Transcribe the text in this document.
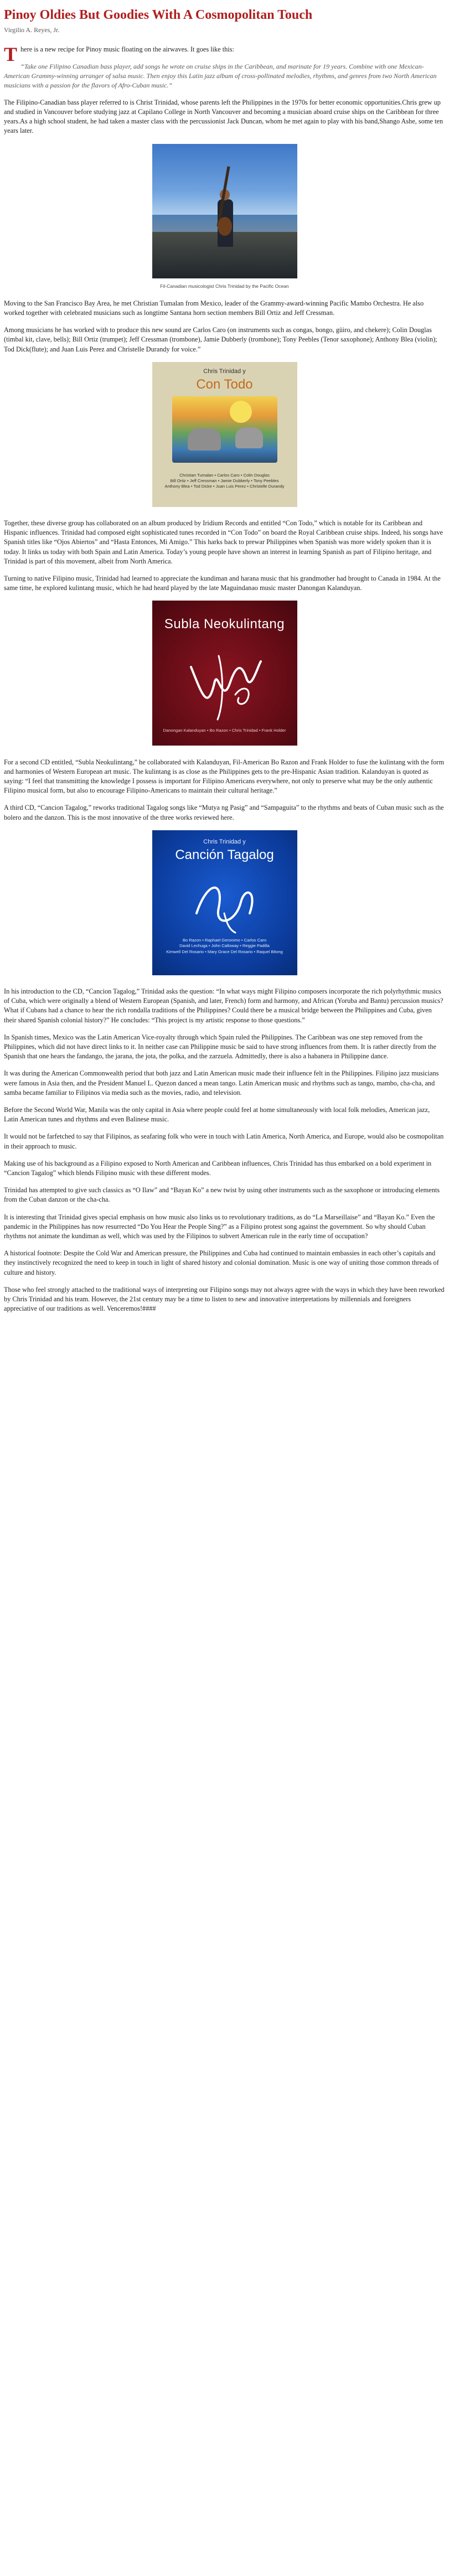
Pinoy Oldies But Goodies With A Cosmopolitan Touch
Virgilio A. Reyes, Jr.

There is a new recipe for Pinoy music floating on the airwaves. It goes like this:

“Take one Filipino Canadian bass player, add songs he wrote on cruise ships in the Caribbean, and marinate for 19 years. Combine with one Mexican-American Grammy-winning arranger of salsa music. Then enjoy this Latin jazz album of cross-pollinated melodies, rhythms, and genres from two North American musicians with a passion for the flavors of Afro-Cuban music.”

The Filipino-Canadian bass player referred to is Christ Trinidad, whose parents left the Philippines in the 1970s for better economic opportunities.Chris grew up and studied in Vancouver before studying jazz at Capilano College in North Vancouver and becoming a musician aboard cruise ships on the Caribbean for three years.As a high school student, he had taken a master class with the percussionist Jack Duncan, whom he met again to play with his band,Shango Ashe, some ten years later.

Fil-Canadian musicologist Chris Trinidad by the Pacific Ocean

Moving to the San Francisco Bay Area, he met Christian Tumalan from Mexico, leader of the Grammy-award-winning Pacific Mambo Orchestra. He also worked together with celebrated musicians such as longtime Santana horn section members Bill Ortiz and Jeff Cressman.

Among musicians he has worked with to produce this new sound are Carlos Caro (on instruments such as congas, bongo, güiro, and chekere); Colin Douglas (timbal kit, clave, bells); Bill Ortiz (trumpet); Jeff Cressman (trombone), Jamie Dubberly (trombone); Tony Peebles (Tenor saxophone); Anthony Blea (violin); Tod Dick(flute); and Juan Luis Perez and Christelle Durandy for voice.”

Chris Trinidad y
Con Todo
Christian Tumalan • Carlos Caro • Colin Douglas
Bill Ortiz • Jeff Cressman • Jamie Dubberly • Tony Peebles
Anthony Blea • Tod Dicke • Juan Luis Perez • Christelle Durandy

Together, these diverse group has collaborated on an album produced by Iridium Records and entitled “Con Todo,” which is notable for its Caribbean and Hispanic influences. Trinidad had composed eight sophisticated tunes recorded in “Con Todo” on board the Royal Caribbean cruise ships. Indeed, his songs have Spanish titles like “Ojos Abiertos” and “Hasta Entonces, Mi Amigo.” This harks back to prewar Philippines when Spanish was more widely spoken than it is today. It links us today with both Spain and Latin America. Today’s young people have shown an interest in learning Spanish as part of Filipino heritage, and Trinidad is part of this movement, albeit from North America.

Turning to native Filipino music, Trinidad had learned to appreciate the kundiman and harana music that his grandmother had brought to Canada in 1984. At the same time, he explored kulintang music, which he had heard played by the late Maguindanao music master Danongan Kalanduyan.

Subla Neokulintang
Danongan Kalanduyan • Bo Razon • Chris Trinidad • Frank Holder

For a second CD entitled, “Subla Neokulintang,” he collaborated with Kalanduyan, Fil-American Bo Razon and Frank Holder to fuse the kulintang with the form and harmonies of Western European art music. The kulintang is as close as the Philippines gets to the pre-Hispanic Asian tradition. Kalanduyan is quoted as saying: “I feel that transmitting the knowledge I possess is important for Filipino Americans everywhere, not only to preserve what may be the only authentic Filipino musical form, but also to encourage Filipino-Americans to maintain their cultural heritage.”

A third CD, “Cancion Tagalog,” reworks traditional Tagalog songs like “Mutya ng Pasig” and “Sampaguita” to the rhythms and beats of Cuban music such as the bolero and the danzon. This is the most innovative of the three works reviewed here.

Chris Trinidad y
Canción Tagalog
Bo Razon • Raphael Geronimo • Carlos Caro
David Lechuga • John Calloway • Reggie Padilla
Kimwell Del Rosario • Mary Grace Del Rosario • Raquel Bitong

In his introduction to the CD, “Cancion Tagalog,” Trinidad asks the question: “In what ways might Filipino composers incorporate the rich polyrhythmic musics of Cuba, which were originally a blend of Western European (Spanish, and later, French) form and harmony, and African (Yoruba and Bantu) percussion musics? What if Cubans had a chance to hear the rich rondalla traditions of the Philippines? Could there be a musical bridge between the Philippines and Cuba, given their shared Spanish colonial history?” He concludes: “This project is my artistic response to those questions.”

In Spanish times, Mexico was the Latin American Vice-royalty through which Spain ruled the Philippines. The Caribbean was one step removed from the Philippines, which did not have direct links to it. In neither case can Philippine music be said to have strong influences from them. It is rather directly from the Spanish that one hears the fandango, the jarana, the jota, the polka, and the zarzuela. Admittedly, there is also a habanera in Philippine dance.

It was during the American Commonwealth period that both jazz and Latin American music made their influence felt in the Philippines. Filipino jazz musicians were famous in Asia then, and the President Manuel L. Quezon danced a mean tango. Latin American music and rhythms such as tango, mambo, cha-cha, and samba became familiar to Filipinos via media such as the movies, radio, and television.

Before the Second World War, Manila was the only capital in Asia where people could feel at home simultaneously with local folk melodies, American jazz, Latin American tunes and rhythms and even Balinese music.

It would not be farfetched to say that Filipinos, as seafaring folk who were in touch with Latin America, North America, and Europe, would also be cosmopolitan in their approach to music.

Making use of his background as a Filipino exposed to North American and Caribbean influences, Chris Trinidad has thus embarked on a bold experiment in “Cancion Tagalog” which blends Filipino music with these different modes.

Trinidad has attempted to give such classics as “O Ilaw” and “Bayan Ko” a new twist by using other instruments such as the saxophone or introducing elements from the Cuban danzon or the cha-cha.

It is interesting that Trinidad gives special emphasis on how music also links us to revolutionary traditions, as do “La Marseillaise” and “Bayan Ko.” Even the pandemic in the Philippines has now resurrected “Do You Hear the People Sing?” as a Filipino protest song against the government. So why should Cuban rhythms not animate the kundiman as well, which was used by the Filipinos to subvert American rule in the early time of occupation?

A historical footnote: Despite the Cold War and American pressure, the Philippines and Cuba had continued to maintain embassies in each other’s capitals and they instinctively recognized the need to keep in touch in light of shared history and colonial domination. Music is one way of uniting those common threads of culture and history.

Those who feel strongly attached to the traditional ways of interpreting our Filipino songs may not always agree with the ways in which they have been reworked by Chris Trinidad and his team. However, the 21st century may be a time to listen to new and innovative interpretations by millennials and foreigners appreciative of our traditions as well. Venceremos!####
